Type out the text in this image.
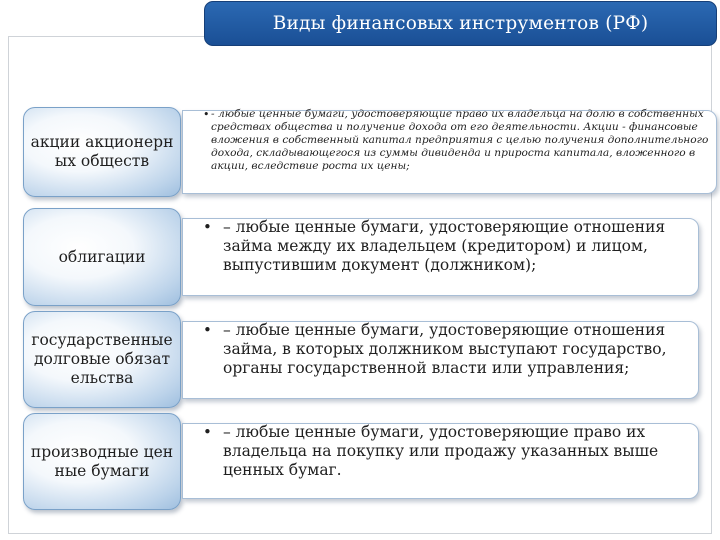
Виды финансовых инструментов (РФ)
акции акционерных обществ
• - любые ценные бумаги, удостоверяющие право их владельца на долю в собственных средствах общества и получение дохода от его деятельности. Акции - финансовые вложения в собственный капитал предприятия с целью получения дополнительного дохода, складывающегося из суммы дивиденда и прироста капитала, вложенного в акции, вследствие роста их цены;
облигации
• – любые ценные бумаги, удостоверяющие отношения займа между их владельцем (кредитором) и лицом, выпустившим документ (должником);
государственные долговые обязательства
• – любые ценные бумаги, удостоверяющие отношения займа, в которых должником выступают государство, органы государственной власти или управления;
производные ценные бумаги
• – любые ценные бумаги, удостоверяющие право их владельца на покупку или продажу указанных выше ценных бумаг.
